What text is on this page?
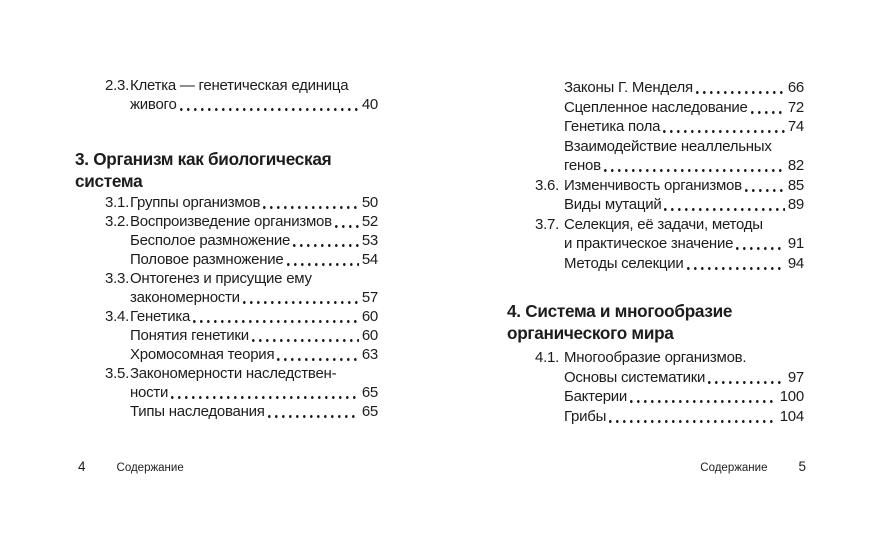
2.3. Клетка — генетическая единица
живого	40
3. Организм как биологическая
система
3.1. Группы организмов	50
3.2. Воспроизведение организмов 52
Бесполое размножение	53
Половое размножение	54
3.3. Онтогенез и присущие ему
закономерности	57
3.4. Генетика	60
Понятия генетики	60
Хромосомная теория	63
3.5. Закономерности наследствен-
ности	65
Типы наследования	65
Законы Г. Менделя	66
Сцепленное наследование	72
Генетика пола	74
Взаимодействие неаллельных
генов	82
3.6. Изменчивость организмов	85
Виды мутаций	89
3.7. Селекция, её задачи, методы
и практическое значение	91
Методы селекции	94
4. Система и многообразие
органического мира
4.1. Многообразие организмов.
Основы систематики	97
Бактерии	100
Грибы	104
4	Содержание	Содержание 5
